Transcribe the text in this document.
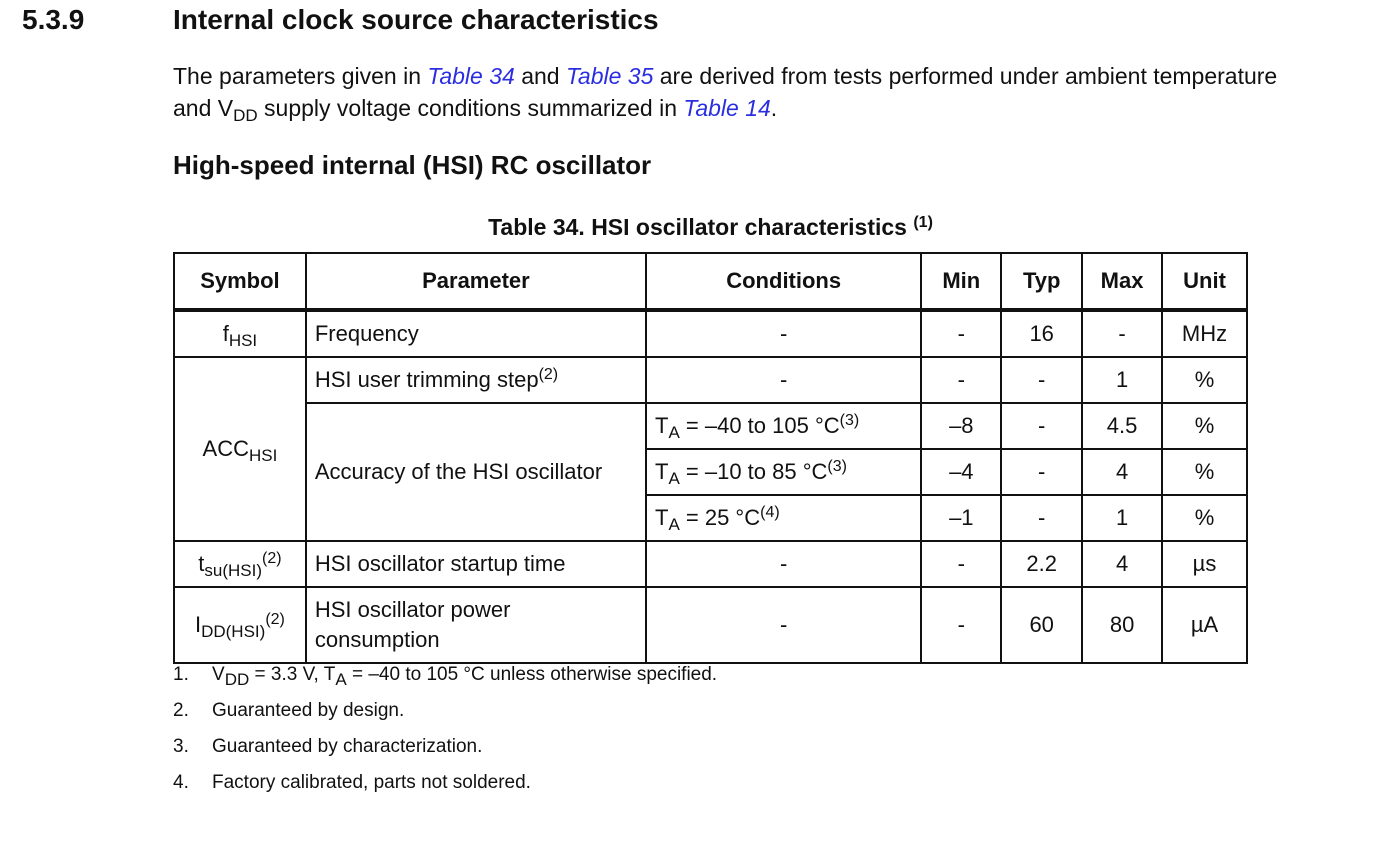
5.3.9	Internal clock source characteristics

The parameters given in Table 34 and Table 35 are derived from tests performed under ambient temperature and $V_{DD}$ supply voltage conditions summarized in Table 14.

High-speed internal (HSI) RC oscillator
Table 34. HSI oscillator characteristics $^{(1)}$
Symbol	Parameter	Conditions	Min	Typ	Max	Unit
$f_{HSI}$	Frequency	-	-	16	-	MHz
$ACC_{HSI}$	HSI user trimming step$^{(2)}$	-	-	-	1	%
	Accuracy of the HSI oscillator	$T_A = -40$ to 105 $^\circ C^{(3)}$	–8	-	4.5	%
		$T_A = -10$ to 85 $^\circ C^{(3)}$	–4	-	4	%
		$T_A = 25$ $^\circ C^{(4)}$	–1	-	1	%
$t_{su(HSI)}^{(2)}$	HSI oscillator startup time	-	-	2.2	4	µs
$I_{DD(HSI)}^{(2)}$	HSI oscillator power consumption	-	-	60	80	µA
1.	$V_{DD} = 3.3$ V, $T_A = -40$ to 105 °C unless otherwise specified.
2.	Guaranteed by design.
3.	Guaranteed by characterization.
4.	Factory calibrated, parts not soldered.
